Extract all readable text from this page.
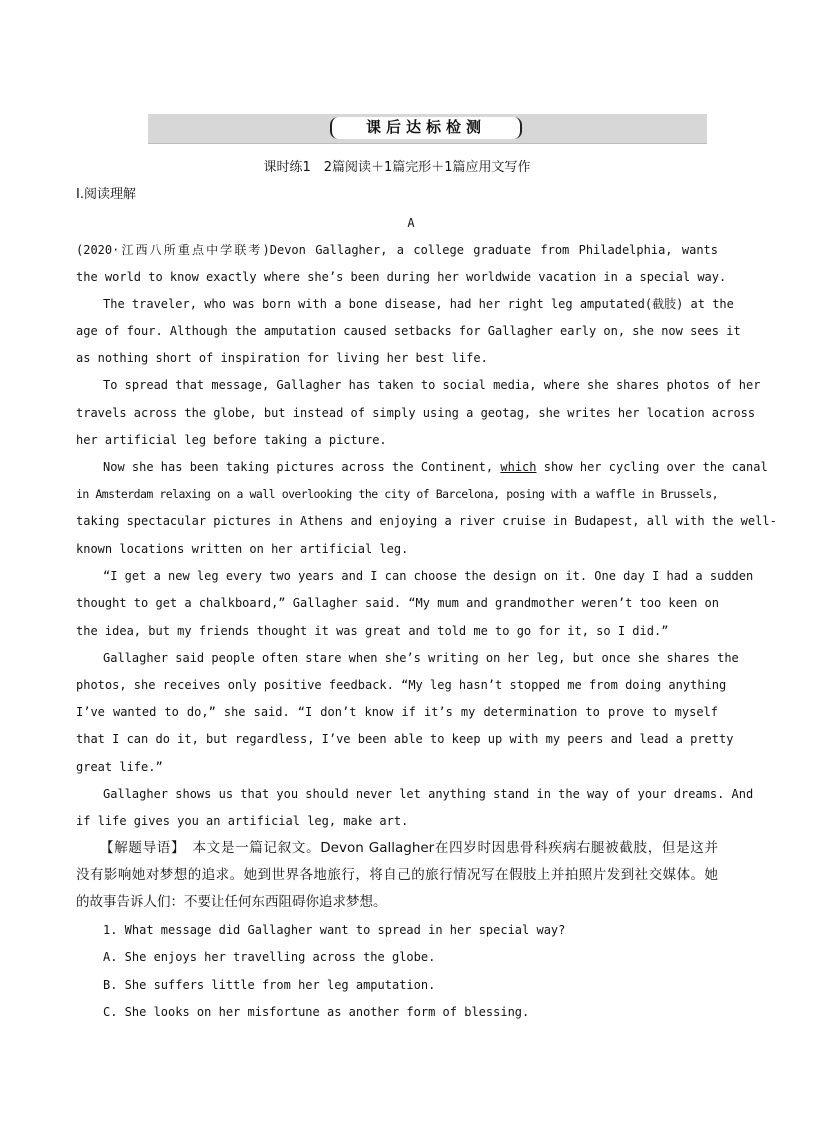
课后达标检测
课时练1　2篇阅读＋1篇完形＋1篇应用文写作
Ⅰ.阅读理解
A
(2020·江西八所重点中学联考)Devon Gallagher, a college graduate from Philadelphia, wants
the world to know exactly where she’s been during her worldwide vacation in a special way.
The traveler, who was born with a bone disease, had her right leg amputated(截肢) at the
age of four. Although the amputation caused setbacks for Gallagher early on, she now sees it
as nothing short of inspiration for living her best life.
To spread that message, Gallagher has taken to social media, where she shares photos of her
travels across the globe, but instead of simply using a geotag, she writes her location across
her artificial leg before taking a picture.
Now she has been taking pictures across the Continent, which show her cycling over the canal
in Amsterdam relaxing on a wall overlooking the city of Barcelona, posing with a waffle in Brussels,
taking spectacular pictures in Athens and enjoying a river cruise in Budapest, all with the well-
known locations written on her artificial leg.
“I get a new leg every two years and I can choose the design on it. One day I had a sudden
thought to get a chalkboard,” Gallagher said. “My mum and grandmother weren’t too keen on
the idea, but my friends thought it was great and told me to go for it, so I did.”
Gallagher said people often stare when she’s writing on her leg, but once she shares the
photos, she receives only positive feedback. “My leg hasn’t stopped me from doing anything
I’ve wanted to do,” she said. “I don’t know if it’s my determination to prove to myself
that I can do it, but regardless, I’ve been able to keep up with my peers and lead a pretty
great life.”
Gallagher shows us that you should never let anything stand in the way of your dreams. And
if life gives you an artificial leg, make art.
【解题导语】　本文是一篇记叙文。Devon Gallagher在四岁时因患骨科疾病右腿被截肢，但是这并
没有影响她对梦想的追求。她到世界各地旅行，将自己的旅行情况写在假肢上并拍照片发到社交媒体。她
的故事告诉人们：不要让任何东西阻碍你追求梦想。
1. What message did Gallagher want to spread in her special way?
A. She enjoys her travelling across the globe.
B. She suffers little from her leg amputation.
C. She looks on her misfortune as another form of blessing.
